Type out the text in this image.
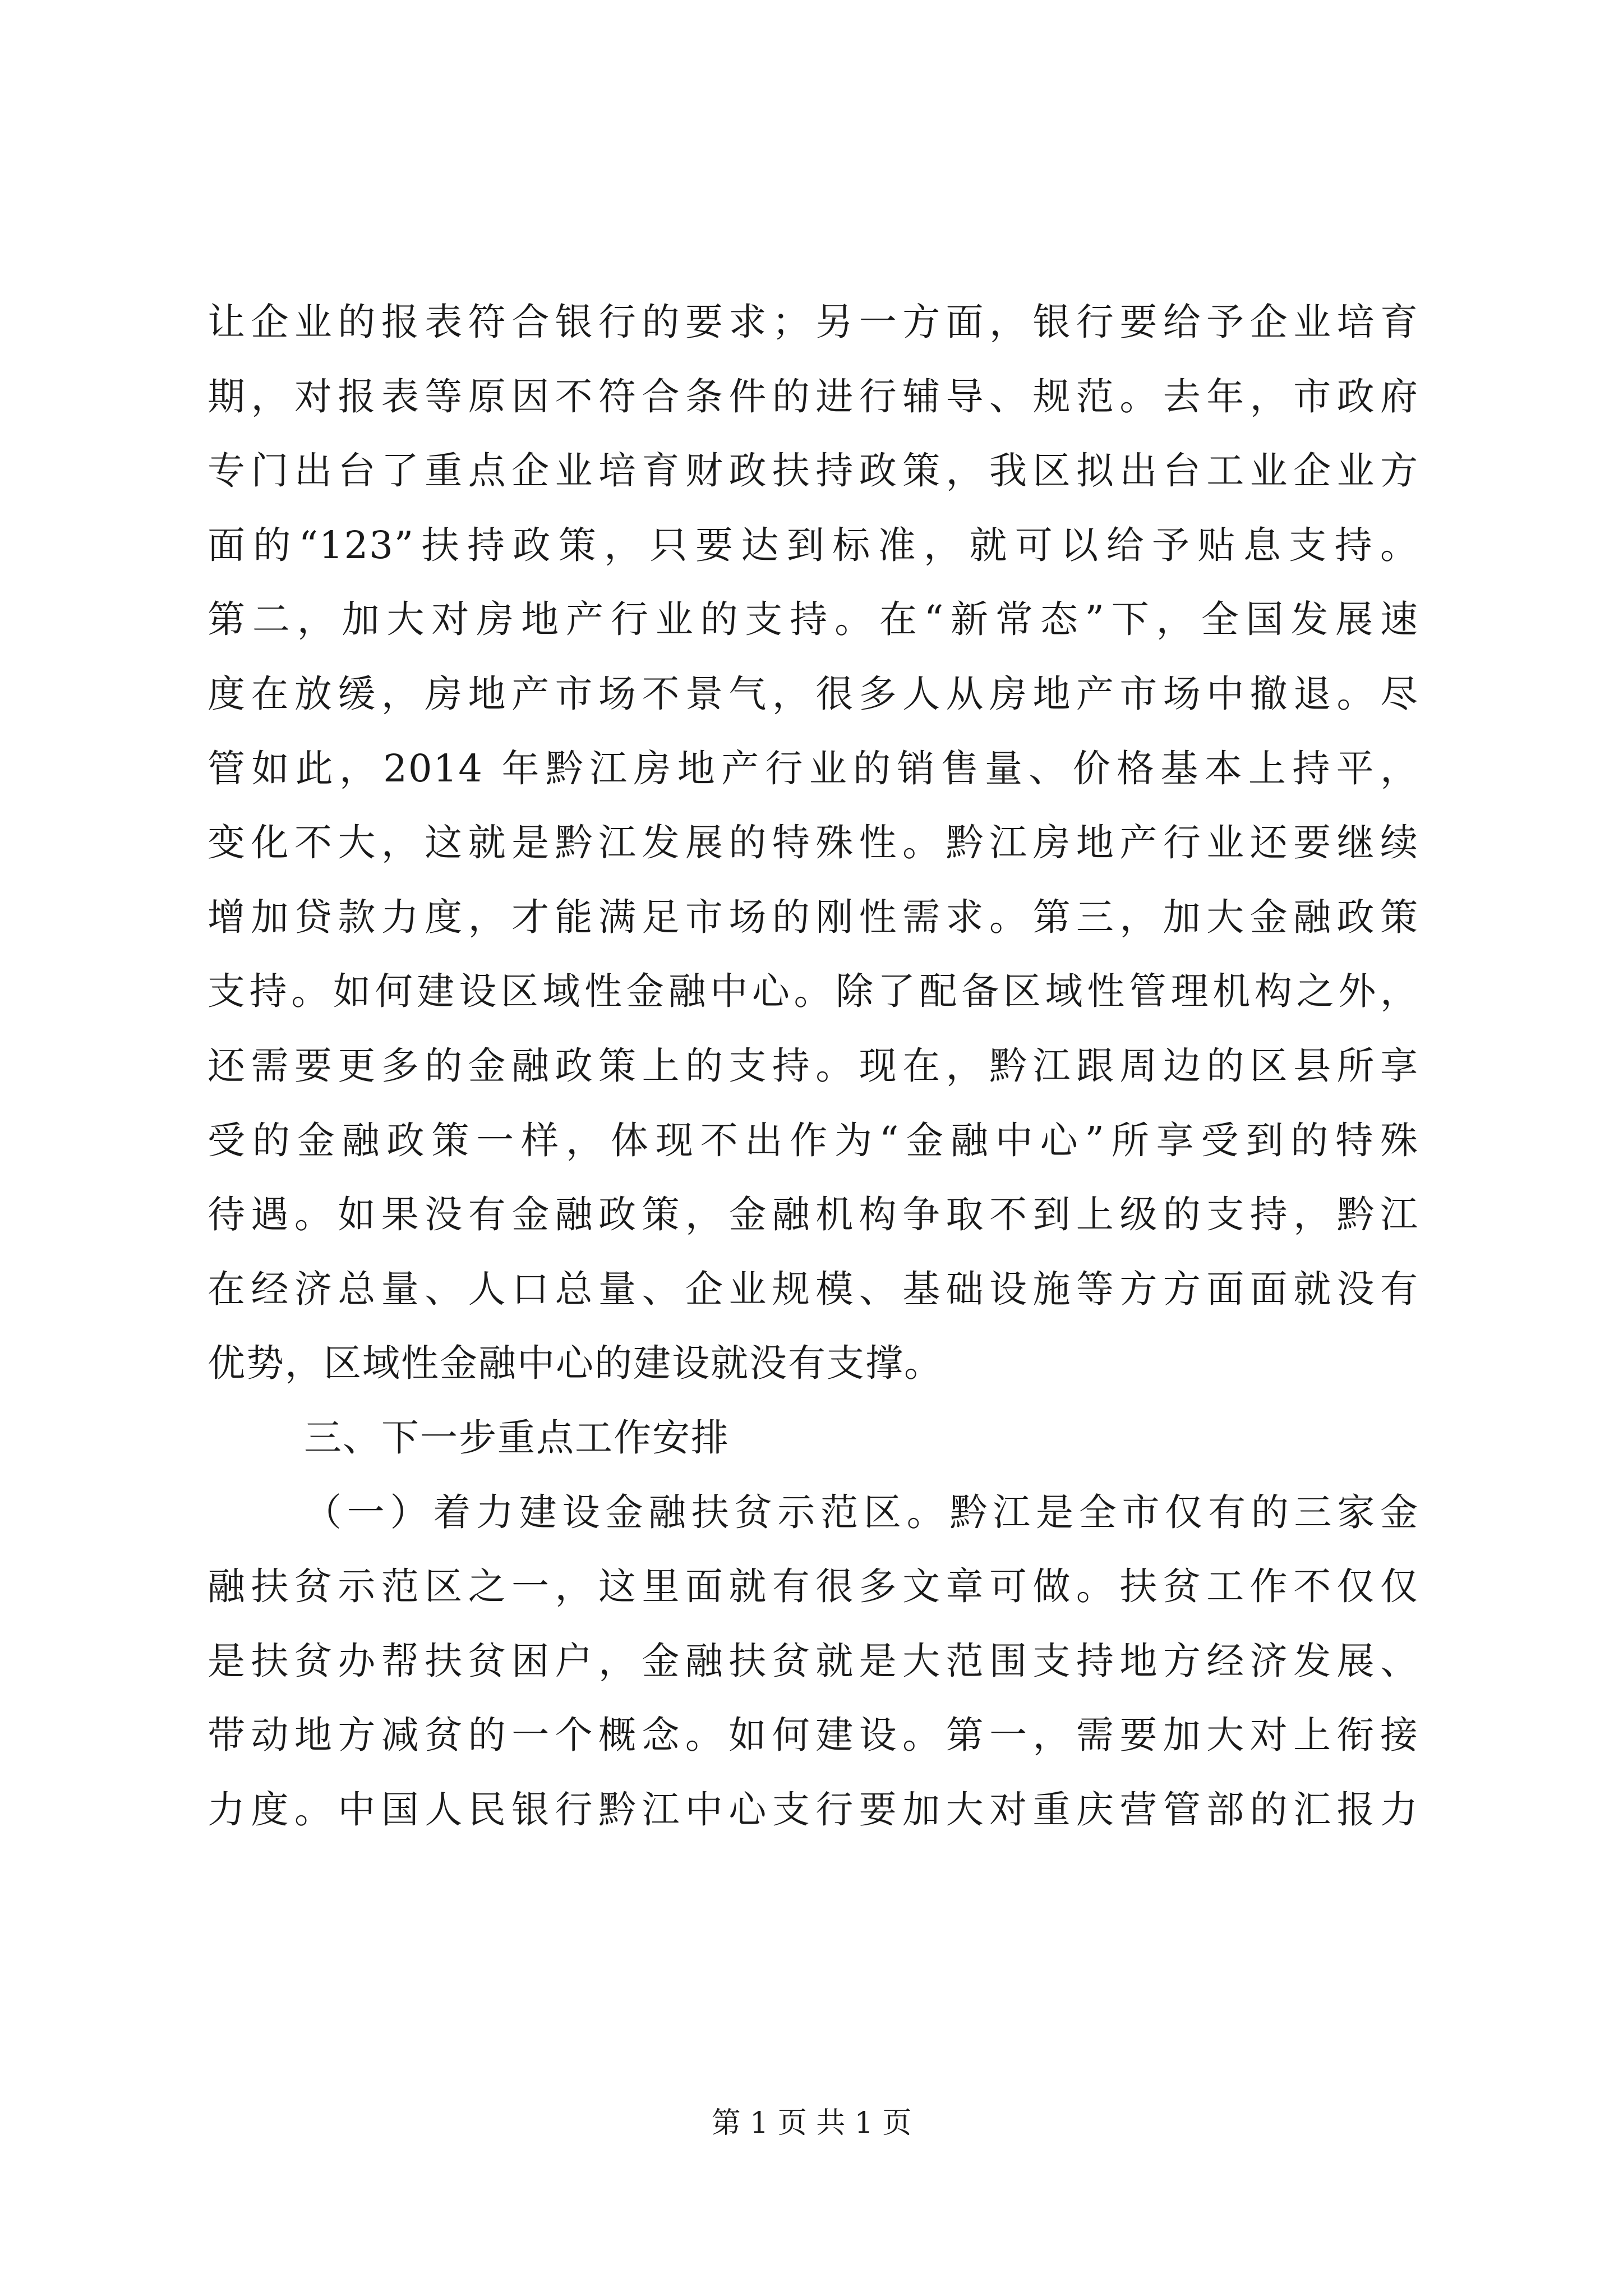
让企业的报表符合银行的要求；另一方面，银行要给予企业培育
期，对报表等原因不符合条件的进行辅导、规范。去年，市政府
专门出台了重点企业培育财政扶持政策，我区拟出台工业企业方
面的“123”扶持政策，只要达到标准，就可以给予贴息支持。
第二，加大对房地产行业的支持。在“新常态”下，全国发展速
度在放缓，房地产市场不景气，很多人从房地产市场中撤退。尽
管如此，2014 年黔江房地产行业的销售量、价格基本上持平，
变化不大，这就是黔江发展的特殊性。黔江房地产行业还要继续
增加贷款力度，才能满足市场的刚性需求。第三，加大金融政策
支持。如何建设区域性金融中心。除了配备区域性管理机构之外，
还需要更多的金融政策上的支持。现在，黔江跟周边的区县所享
受的金融政策一样，体现不出作为“金融中心”所享受到的特殊
待遇。如果没有金融政策，金融机构争取不到上级的支持，黔江
在经济总量、人口总量、企业规模、基础设施等方方面面就没有
优势，区域性金融中心的建设就没有支撑。
三、下一步重点工作安排
（一）着力建设金融扶贫示范区。黔江是全市仅有的三家金
融扶贫示范区之一，这里面就有很多文章可做。扶贫工作不仅仅
是扶贫办帮扶贫困户，金融扶贫就是大范围支持地方经济发展、
带动地方减贫的一个概念。如何建设。第一，需要加大对上衔接
力度。中国人民银行黔江中心支行要加大对重庆营管部的汇报力
第 1 页 共 1 页
